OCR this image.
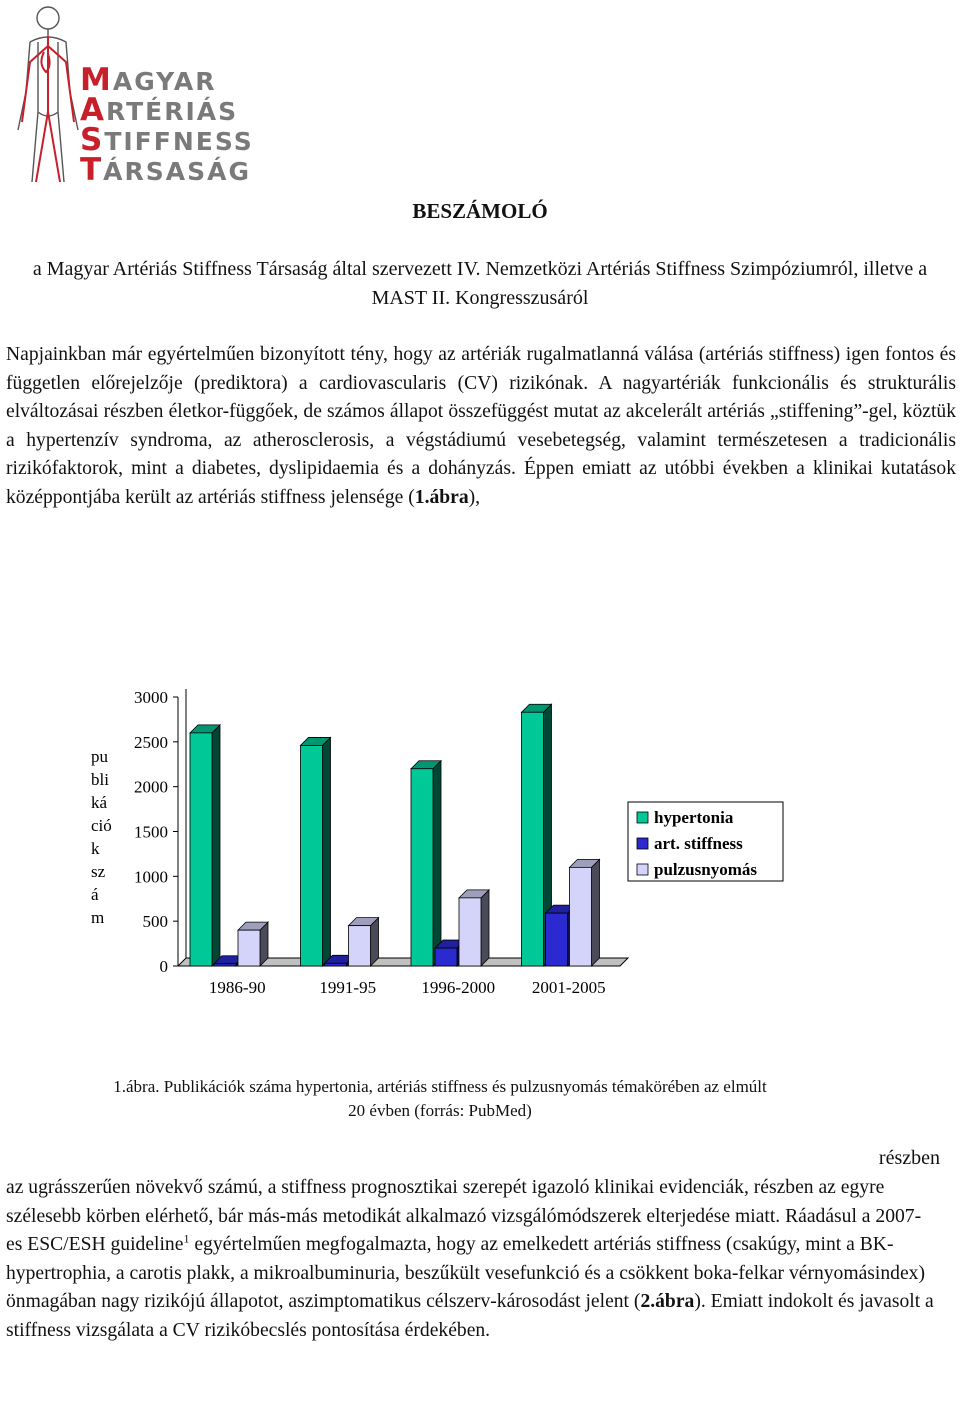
MAGYAR
ARTÉRIÁS
STIFFNESS
TÁRSASÁG
BESZÁMOLÓ
a Magyar Artériás Stiffness Társaság által szervezett IV. Nemzetközi Artériás Stiffness Szimpóziumról, illetve a MAST II. Kongresszusáról
Napjainkban már egyértelműen bizonyított tény, hogy az artériák rugalmatlanná válása (artériás stiffness) igen fontos és független előrejelzője (prediktora) a cardiovascularis (CV) rizikónak. A nagyartériák funkcionális és strukturális elváltozásai részben életkor-függőek, de számos állapot összefüggést mutat az akcelerált artériás „stiffening”-gel, köztük a hypertenzív syndroma, az atherosclerosis, a végstádiumú vesebetegség, valamint természetesen a tradicionális rizikófaktorok, mint a diabetes, dyslipidaemia és a dohányzás. Éppen emiatt az utóbbi években a klinikai kutatások középpontjába került az artériás stiffness jelensége (1.ábra),
pu
bli
ká
ció
k
sz
á
m
0
500
1000
1500
2000
2500
3000
1986-90	1991-95	1996-2000 2001-2005
hypertonia
art. stiffness
pulzusnyomás
1.ábra. Publikációk száma hypertonia, artériás stiffness és pulzusnyomás témakörében az elmúlt 20 évben (forrás: PubMed)
részben
az ugrásszerűen növekvő számú, a stiffness prognosztikai szerepét igazoló klinikai evidenciák, részben az egyre szélesebb körben elérhető, bár más-más metodikát alkalmazó vizsgálómódszerek elterjedése miatt. Ráadásul a 2007-es ESC/ESH guideline$^1$ egyértelműen megfogalmazta, hogy az emelkedett artériás stiffness (csakúgy, mint a BK-hypertrophia, a carotis plakk, a mikroalbuminuria, beszűkült vesefunkció és a csökkent boka-felkar vérnyomásindex) önmagában nagy rizikójú állapotot, aszimptomatikus célszerv-károsodást jelent (2.ábra). Emiatt indokolt és javasolt a stiffness vizsgálata a CV rizikóbecslés pontosítása érdekében.
